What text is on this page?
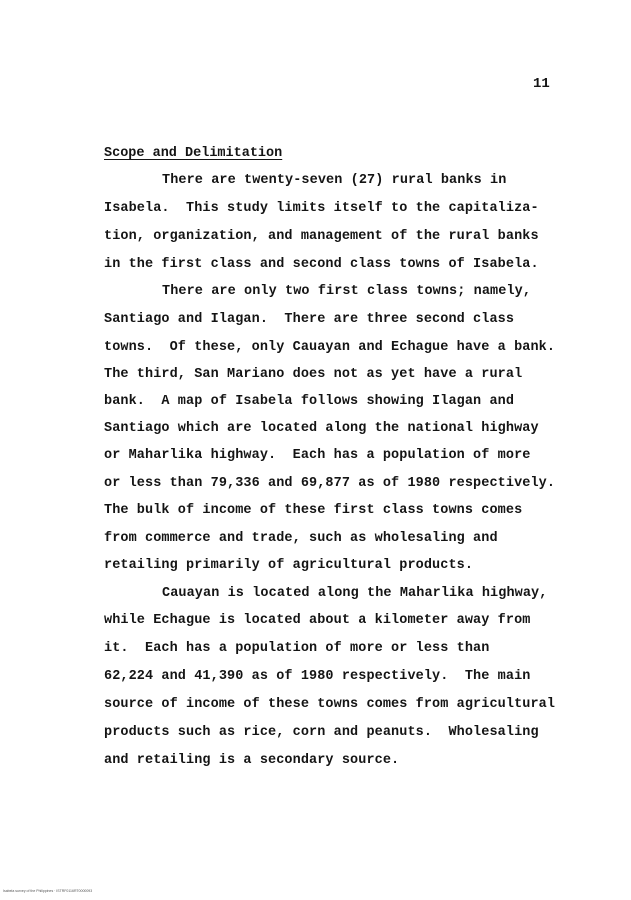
11
Scope and Delimitation
There are twenty-seven (27) rural banks in
Isabela.  This study limits itself to the capitaliza-
tion, organization, and management of the rural banks
in the first class and second class towns of Isabela.
There are only two first class towns; namely,
Santiago and Ilagan.  There are three second class
towns.  Of these, only Cauayan and Echague have a bank.
The third, San Mariano does not as yet have a rural
bank.  A map of Isabela follows showing Ilagan and
Santiago which are located along the national highway
or Maharlika highway.  Each has a population of more
or less than 79,336 and 69,877 as of 1980 respectively.
The bulk of income of these first class towns comes
from commerce and trade, such as wholesaling and
retailing primarily of agricultural products.
Cauayan is located along the Maharlika highway,
while Echague is located about a kilometer away from
it.  Each has a population of more or less than
62,224 and 41,390 as of 1980 respectively.  The main
source of income of these towns comes from agricultural
products such as rice, corn and peanuts.  Wholesaling
and retailing is a secondary source.
Isabela survey of the Philippines · ISTRF0116RT0000093
